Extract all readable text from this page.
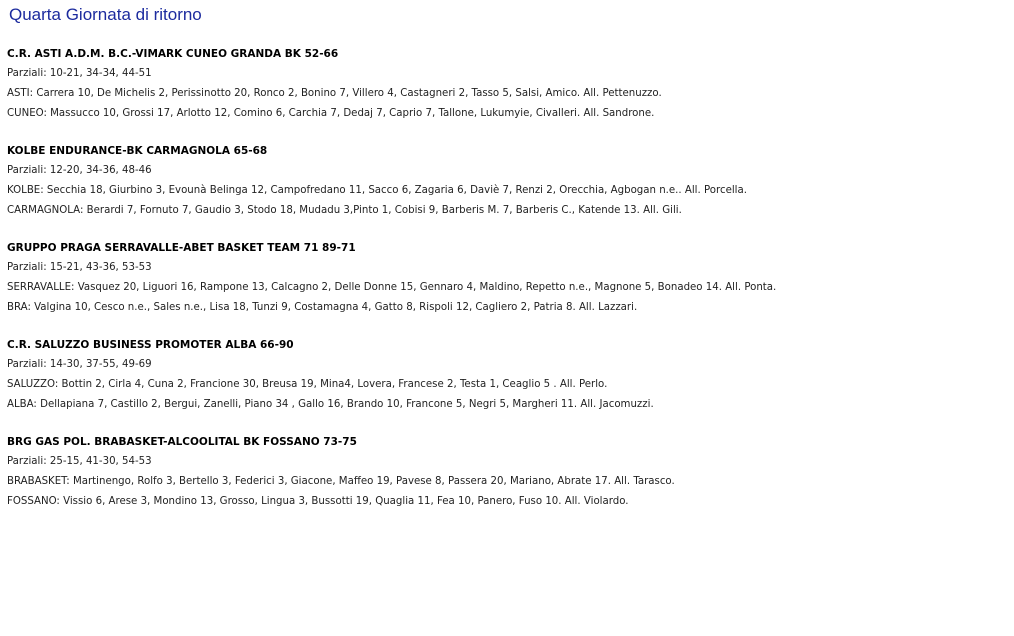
Quarta Giornata di ritorno
C.R. ASTI A.D.M. B.C.-VIMARK CUNEO GRANDA BK 52-66
Parziali: 10-21, 34-34, 44-51
ASTI: Carrera 10, De Michelis 2, Perissinotto 20, Ronco 2, Bonino 7, Villero 4, Castagneri 2, Tasso 5, Salsi, Amico. All. Pettenuzzo.
CUNEO: Massucco 10, Grossi 17, Arlotto 12, Comino 6, Carchia 7, Dedaj 7, Caprio 7, Tallone, Lukumyie, Civalleri. All. Sandrone.
KOLBE ENDURANCE-BK CARMAGNOLA 65-68
Parziali: 12-20, 34-36, 48-46
KOLBE: Secchia 18, Giurbino 3, Evounà Belinga 12, Campofredano 11, Sacco 6, Zagaria 6, Daviè 7, Renzi 2, Orecchia, Agbogan n.e.. All. Porcella.
CARMAGNOLA: Berardi 7, Fornuto 7, Gaudio 3, Stodo 18, Mudadu 3,Pinto 1, Cobisi 9, Barberis M. 7, Barberis C., Katende 13. All. Gili.
GRUPPO PRAGA SERRAVALLE-ABET BASKET TEAM 71 89-71
Parziali: 15-21, 43-36, 53-53
SERRAVALLE: Vasquez 20, Liguori 16, Rampone 13, Calcagno 2, Delle Donne 15, Gennaro 4, Maldino, Repetto n.e., Magnone 5, Bonadeo 14. All. Ponta.
BRA: Valgina 10, Cesco n.e., Sales n.e., Lisa 18, Tunzi 9, Costamagna 4, Gatto 8, Rispoli 12, Cagliero 2, Patria 8. All. Lazzari.
C.R. SALUZZO BUSINESS PROMOTER ALBA 66-90
Parziali: 14-30, 37-55, 49-69
SALUZZO: Bottin 2, Cirla 4, Cuna 2, Francione 30, Breusa 19, Mina4, Lovera, Francese 2, Testa 1, Ceaglio 5 . All. Perlo.
ALBA: Dellapiana 7, Castillo 2, Bergui, Zanelli, Piano 34 , Gallo 16, Brando 10, Francone 5, Negri 5, Margheri 11. All. Jacomuzzi.
BRG GAS POL. BRABASKET-ALCOOLITAL BK FOSSANO 73-75
Parziali: 25-15, 41-30, 54-53
BRABASKET: Martinengo, Rolfo 3, Bertello 3, Federici 3, Giacone, Maffeo 19, Pavese 8, Passera 20, Mariano, Abrate 17. All. Tarasco.
FOSSANO: Vissio 6, Arese 3, Mondino 13, Grosso, Lingua 3, Bussotti 19, Quaglia 11, Fea 10, Panero, Fuso 10. All. Violardo.
